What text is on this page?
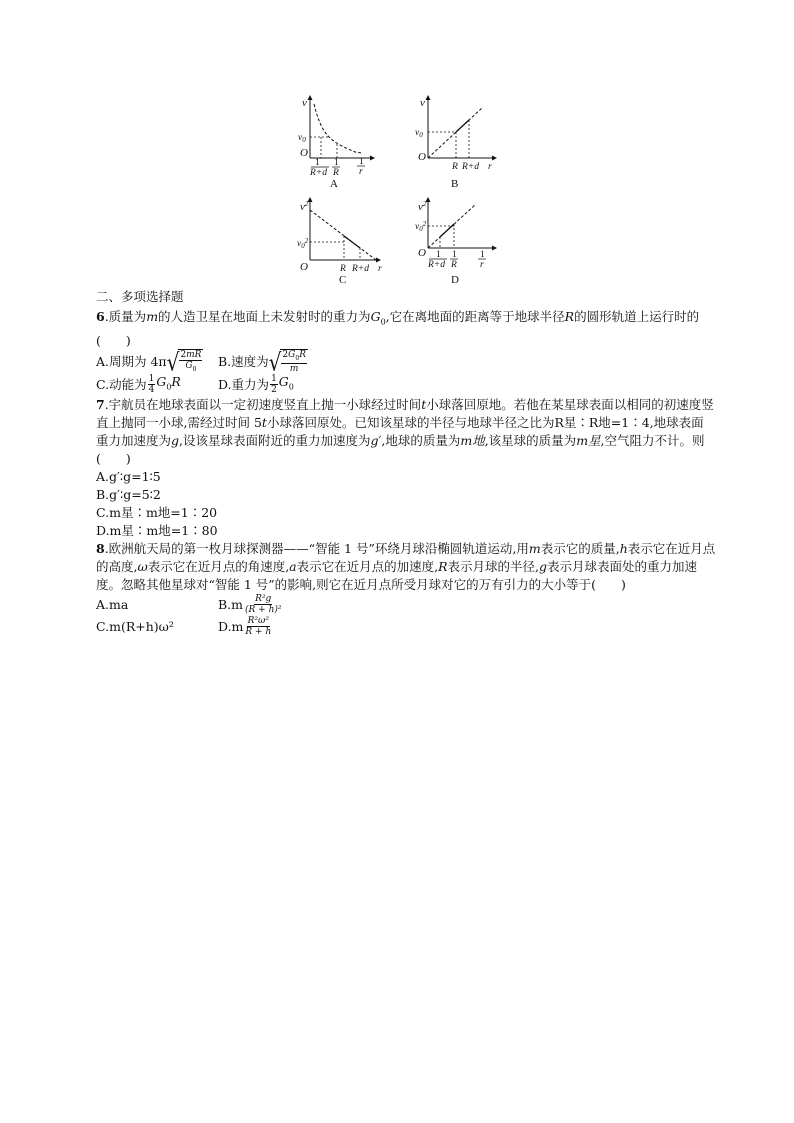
v
$v_0$
O
1
R+d
1
R
1
r
A
v
$v_0$
O
R R+d r
B
$v^2$
$v_0^2$
O	R R+d r
C
$v^2$
$v_0^2$
O 1
R+d
1
R
1
r
D
二、多项选择题

6.质量为m的人造卫星在地面上未发射时的重力为$G_0$,它在离地面的距离等于地球半径R的圆形轨道上运行时的(　　)

A.周期为 4π √ $\frac{2mR}{G_0} B$.速度为 √ $\frac{2G_0R}{m}$
C.动能为 $\frac{1}{4} G_0R$	D.重力为 $\frac{1}{2} G_0$

7.宇航员在地球表面以一定初速度竖直上抛一小球经过时间t小球落回原地。若他在某星球表面以相同的初速度竖直上抛同一小球,需经过时间 5t小球落回原处。已知该星球的半径与地球半径之比为R星∶R地=1∶4,地球表面重力加速度为g,设该星球表面附近的重力加速度为g′,地球的质量为m地,该星球的质量为m星,空气阻力不计。则(　　)

A.g′∶g=1∶5
B.g′∶g=5∶2
C.m星∶m地=1∶20
D.m星∶m地=1∶80

8.欧洲航天局的第一枚月球探测器——“智能 1 号”环绕月球沿椭圆轨道运动,用m表示它的质量,h表示它在近月点的高度,ω表示它在近月点的角速度,a表示它在近月点的加速度,R表示月球的半径,g表示月球表面处的重力加速度。忽略其他星球对“智能 1 号”的影响,则它在近月点所受月球对它的万有引力的大小等于(　　)

A.ma	$B.m \frac{\text{R²g}}{\text{(R + h)²}}$
C.m(R+h)ω²	$D.m \frac{\text{R²ω²}}{R + h}$
